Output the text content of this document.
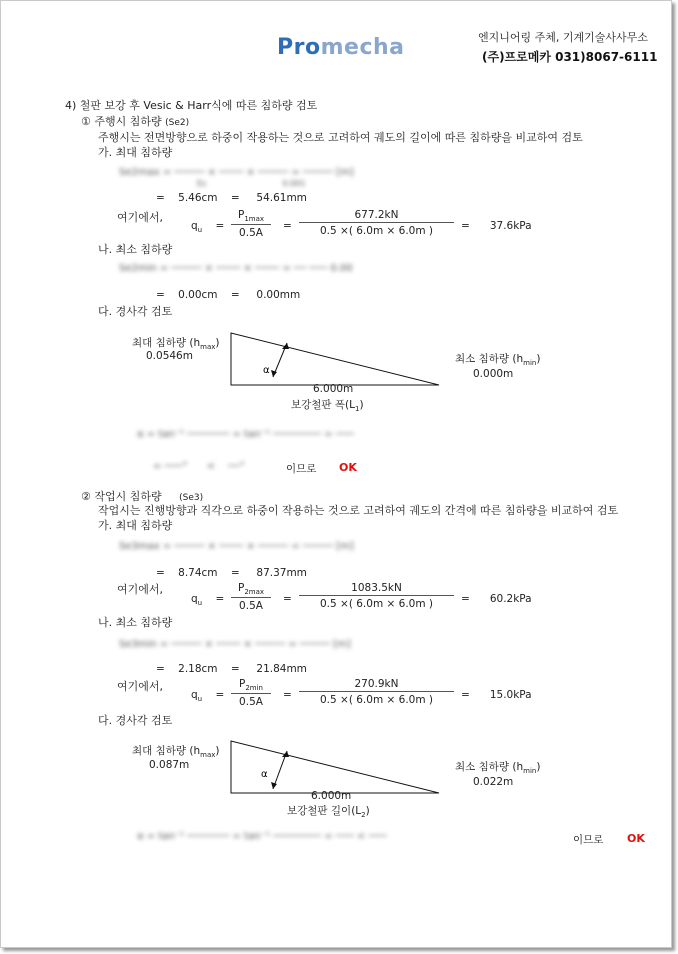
Promecha	엔지니어링 주체, 기계기술사사무소
(주)프로메카 031)8067-6111
4) 철판 보강 후 Vesic & Harr식에 따른 침하량 검토
① 주행시 침하량 (Se2)
주행시는 전면방향으로 하중이 작용하는 것으로 고려하여 궤도의 길이에 따른 침하량을 비교하여 검토
가. 최대 침하량
Se2max = ───── × ──── × ───── = ───── [m]
Es                              0.001
=    5.46cm    =     54.61mm
여기에서,
$q_u$    =
$P_{1max}$
0.5A
= $\frac{677.2kN}{0.5 \times( 6.0m \times 6.0m )}$ =      37.6kPa
나. 최소 침하량
Se2min = ───── × ──── × ──── = ── ─── 0.00
=    0.00cm    =     0.00mm
다. 경사각 검토
최대 침하량 $(h_{max})$
0.0546m
α
최소 침하량 $(h_{min})$
0.000m
6.000m
보강철판 폭$(L_1)$
α = tan⁻¹ ─────── = tan⁻¹ ──────── = ───
= ───°      <    ──°	이므로 OK
② 작업시 침하량 (Se3)
작업시는 진행방향과 직각으로 하중이 작용하는 것으로 고려하여 궤도의 간격에 따른 침하량을 비교하여 검토
가. 최대 침하량
Se3max = ───── × ──── × ───── = ───── [m]
=    8.74cm    =     87.37mm
여기에서,
$q_u$    =
$P_{2max}$
0.5A
= $\frac{1083.5kN}{0.5 \times( 6.0m \times 6.0m )}$ =      60.2kPa
나. 최소 침하량
Se3min = ───── × ──── × ───── = ───── [m]
=    2.18cm    =     21.84mm
여기에서,
$q_u$    =
$P_{2min}$
0.5A
= $\frac{270.9kN}{0.5 \times( 6.0m \times 6.0m )}$ =      15.0kPa
다. 경사각 검토
최대 침하량 $(h_{max})$
0.087m
α
최소 침하량 $(h_{min})$
0.022m
6.000m
보강철판 길이$(L_2)$
α = tan⁻¹ ─────── = tan⁻¹ ──────── = ─── < ───	이므로 OK
